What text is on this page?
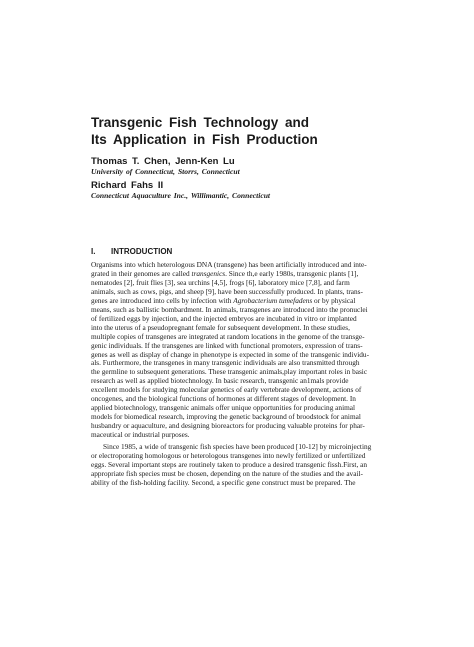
Transgenic Fish Technology and
Its Application in Fish Production
Thomas T. Chen, Jenn-Ken Lu
University of Connecticut, Storrs, Connecticut
Richard Fahs II
Connecticut Aquaculture Inc., Willimantic, Connecticut
I. INTRODUCTION
Organisms into which heterologous DNA (transgene) has been artificially introduced and inte-
grated in their genomes are called transgenics. Since th,e early 1980s, transgenic plants [1],
nematodes [2], fruit flies [3], sea urchins [4,5], frogs [6], laboratory mice [7,8], and farm
animals, such as cows, pigs, and sheep [9], have been successfully produced. In plants, trans-
genes are introduced into cells by infection with Agrobacterium tumefadens or by physical
means, such as ballistic bombardment. In animals, transgenes are introduced into the pronuclei
of fertilized eggs by injection, and the injected embryos are incubated in vitro or implanted
into the uterus of a pseudopregnant female for subsequent development. In these studies,
multiple copies of transgenes are integrated at random locations in the genome of the transge-
genic individuals. If the transgenes are linked with functional promoters, expression of trans-
genes as well as display of change in phenotype is expected in some of the transgenic individu-
als. Furthermore, the transgenes in many transgenic individuals are also transmitted through
the germline to subsequent generations. These transgenic animals,play important roles in basic
research as well as applied biotechnology. In basic research, transgenic an1mals provide
excellent models for studying molecular genetics of early vertebrate development, actions of
oncogenes, and the biological functions of hormones at different stages of development. In
applied biotechnology, transgenic animals offer unique opportunities for producing animal
models for biomedical research, improving the genetic background of broodstock for animal
husbandry or aquaculture, and designing bioreactors for producing valuable proteins for phar-
maceutical or industrial purposes.
Since 1985, a wide of transgenic fish species have been produced [10-12] by microinjecting
or electroporating homologous or heterologous transgenes into newly fertilized or unfertilized
eggs. Several important steps are routinely taken to produce a desired transgenic fissh.First, an
appropriate fish species must be chosen, depending on the nature of the studies and the avail-
ability of the fish-holding facility. Second, a specific gene construct must be prepared. The
